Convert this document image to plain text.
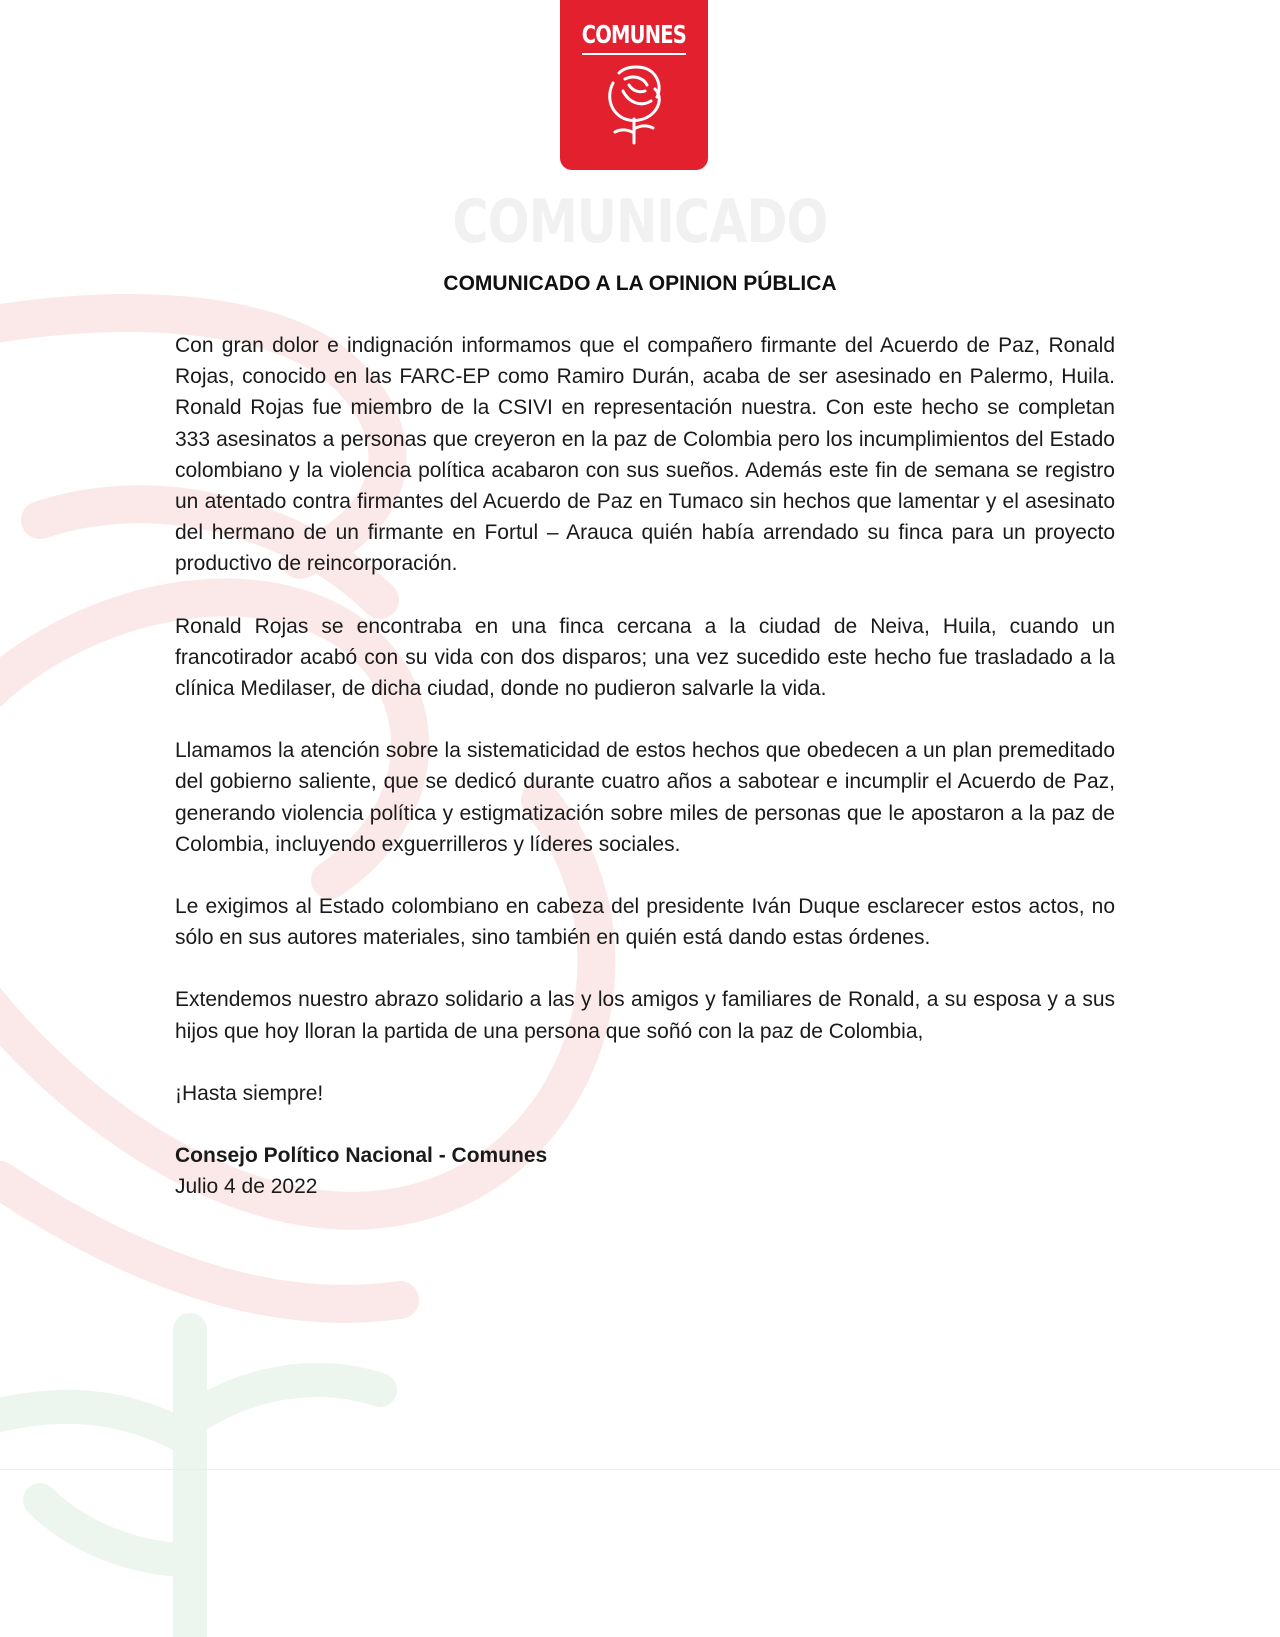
COMUNES
COMUNICADO
COMUNICADO A LA OPINION PÚBLICA

Con gran dolor e indignación informamos que el compañero firmante del Acuerdo de Paz, Ronald Rojas, conocido en las FARC-EP como Ramiro Durán, acaba de ser asesinado en Palermo, Huila. Ronald Rojas fue miembro de la CSIVI en representación nuestra. Con este hecho se completan 333 asesinatos a personas que creyeron en la paz de Colombia pero los incumplimientos del Estado colombiano y la violencia política acabaron con sus sueños. Además este fin de semana se registro un atentado contra firmantes del Acuerdo de Paz en Tumaco sin hechos que lamentar y el asesinato del hermano de un firmante en Fortul – Arauca quién había arrendado su finca para un proyecto productivo de reincorporación.

Ronald Rojas se encontraba en una finca cercana a la ciudad de Neiva, Huila, cuando un francotirador acabó con su vida con dos disparos; una vez sucedido este hecho fue trasladado a la clínica Medilaser, de dicha ciudad, donde no pudieron salvarle la vida.

Llamamos la atención sobre la sistematicidad de estos hechos que obedecen a un plan premeditado del gobierno saliente, que se dedicó durante cuatro años a sabotear e incumplir el Acuerdo de Paz, generando violencia política y estigmatización sobre miles de personas que le apostaron a la paz de Colombia, incluyendo exguerrilleros y líderes sociales.

Le exigimos al Estado colombiano en cabeza del presidente Iván Duque esclarecer estos actos, no sólo en sus autores materiales, sino también en quién está dando estas órdenes.

Extendemos nuestro abrazo solidario a las y los amigos y familiares de Ronald, a su esposa y a sus hijos que hoy lloran la partida de una persona que soñó con la paz de Colombia,

¡Hasta siempre!
Consejo Político Nacional - Comunes
Julio 4 de 2022
